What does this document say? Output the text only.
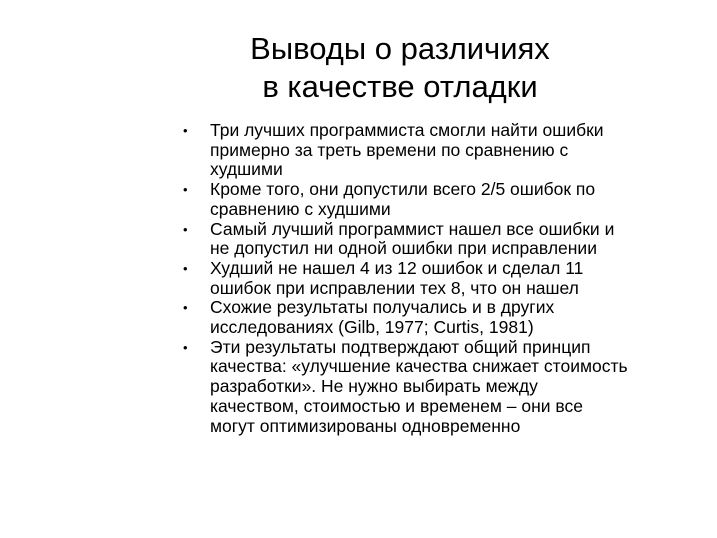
Выводы о различиях
в качестве отладки
• Три лучших программиста смогли найти ошибки
примерно за треть времени по сравнению с
худшими
• Кроме того, они допустили всего 2/5 ошибок по
сравнению с худшими
• Самый лучший программист нашел все ошибки и
не допустил ни одной ошибки при исправлении
• Худший не нашел 4 из 12 ошибок и сделал 11
ошибок при исправлении тех 8, что он нашел
• Схожие результаты получались и в других
исследованиях (Gilb, 1977; Curtis, 1981)
• Эти результаты подтверждают общий принцип
качества: «улучшение качества снижает стоимость
разработки». Не нужно выбирать между
качеством, стоимостью и временем – они все
могут оптимизированы одновременно
